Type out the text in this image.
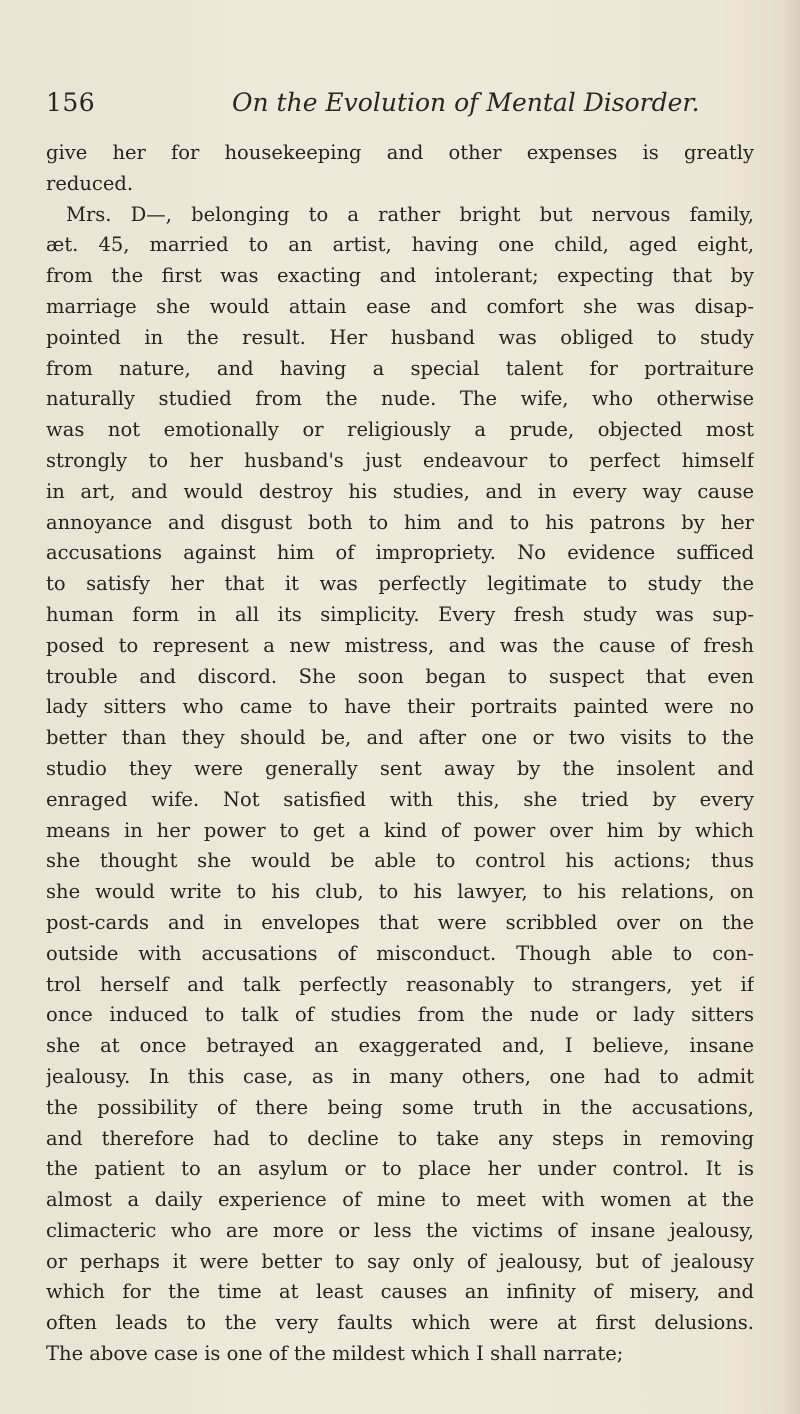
156	On the Evolution of Mental Disorder.
give her for housekeeping and other expenses is greatly
reduced.
Mrs. D—, belonging to a rather bright but nervous family,
æt. 45, married to an artist, having one child, aged eight,
from the first was exacting and intolerant; expecting that by
marriage she would attain ease and comfort she was disap-
pointed in the result. Her husband was obliged to study
from nature, and having a special talent for portraiture
naturally studied from the nude. The wife, who otherwise
was not emotionally or religiously a prude, objected most
strongly to her husband's just endeavour to perfect himself
in art, and would destroy his studies, and in every way cause
annoyance and disgust both to him and to his patrons by her
accusations against him of impropriety. No evidence sufficed
to satisfy her that it was perfectly legitimate to study the
human form in all its simplicity. Every fresh study was sup-
posed to represent a new mistress, and was the cause of fresh
trouble and discord. She soon began to suspect that even
lady sitters who came to have their portraits painted were no
better than they should be, and after one or two visits to the
studio they were generally sent away by the insolent and
enraged wife. Not satisfied with this, she tried by every
means in her power to get a kind of power over him by which
she thought she would be able to control his actions; thus
she would write to his club, to his lawyer, to his relations, on
post-cards and in envelopes that were scribbled over on the
outside with accusations of misconduct. Though able to con-
trol herself and talk perfectly reasonably to strangers, yet if
once induced to talk of studies from the nude or lady sitters
she at once betrayed an exaggerated and, I believe, insane
jealousy. In this case, as in many others, one had to admit
the possibility of there being some truth in the accusations,
and therefore had to decline to take any steps in removing
the patient to an asylum or to place her under control. It is
almost a daily experience of mine to meet with women at the
climacteric who are more or less the victims of insane jealousy,
or perhaps it were better to say only of jealousy, but of jealousy
which for the time at least causes an infinity of misery, and
often leads to the very faults which were at first delusions.
The above case is one of the mildest which I shall narrate;
